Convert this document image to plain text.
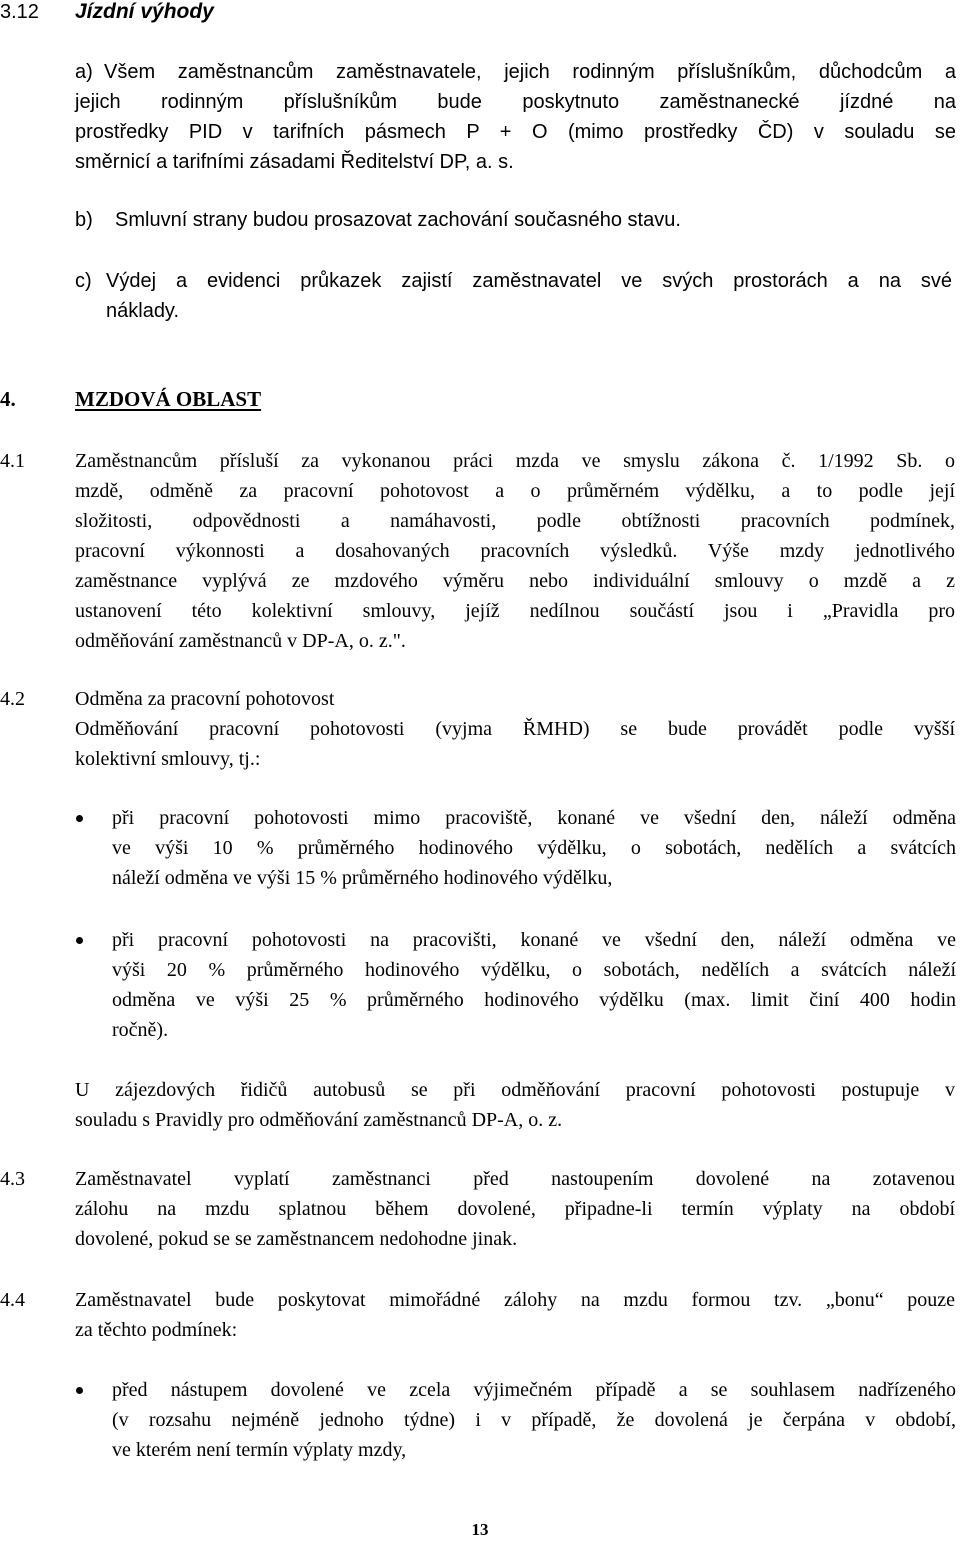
3.12 Jízdní výhody
a) Všem zaměstnancům zaměstnavatele, jejich rodinným příslušníkům, důchodcům a
jejich rodinným příslušníkům bude poskytnuto zaměstnanecké jízdné na
prostředky PID v tarifních pásmech P + O (mimo prostředky ČD) v souladu se
směrnicí a tarifními zásadami Ředitelství DP, a. s.
b) Smluvní strany budou prosazovat zachování současného stavu.
c) Výdej a evidenci průkazek zajistí zaměstnavatel ve svých prostorách a na své
náklady.
4.	MZDOVÁ OBLAST
4.1	Zaměstnancům přísluší za vykonanou práci mzda ve smyslu zákona č. 1/1992 Sb. o
mzdě, odměně za pracovní pohotovost a o průměrném výdělku, a to podle její
složitosti, odpovědnosti a namáhavosti, podle obtížnosti pracovních podmínek,
pracovní výkonnosti a dosahovaných pracovních výsledků. Výše mzdy jednotlivého
zaměstnance vyplývá ze mzdového výměru nebo individuální smlouvy o mzdě a z
ustanovení této kolektivní smlouvy, jejíž nedílnou součástí jsou i „Pravidla pro
odměňování zaměstnanců v DP-A, o. z.".
4.2	Odměna za pracovní pohotovost
Odměňování pracovní pohotovosti (vyjma ŘMHD) se bude provádět podle vyšší
kolektivní smlouvy, tj.:
při pracovní pohotovosti mimo pracoviště, konané ve všední den, náleží odměna
ve výši 10 % průměrného hodinového výdělku, o sobotách, nedělích a svátcích
náleží odměna ve výši 15 % průměrného hodinového výdělku,
při pracovní pohotovosti na pracovišti, konané ve všední den, náleží odměna ve
výši 20 % průměrného hodinového výdělku, o sobotách, nedělích a svátcích náleží
odměna ve výši 25 % průměrného hodinového výdělku (max. limit činí 400 hodin
ročně).
U zájezdových řidičů autobusů se při odměňování pracovní pohotovosti postupuje v
souladu s Pravidly pro odměňování zaměstnanců DP-A, o. z.
4.3	Zaměstnavatel vyplatí zaměstnanci před nastoupením dovolené na zotavenou
zálohu na mzdu splatnou během dovolené, připadne-li termín výplaty na období
dovolené, pokud se se zaměstnancem nedohodne jinak.
4.4	Zaměstnavatel bude poskytovat mimořádné zálohy na mzdu formou tzv. „bonu“ pouze
za těchto podmínek:
před nástupem dovolené ve zcela výjimečném případě a se souhlasem nadřízeného
(v rozsahu nejméně jednoho týdne) i v případě, že dovolená je čerpána v období,
ve kterém není termín výplaty mzdy,
13
